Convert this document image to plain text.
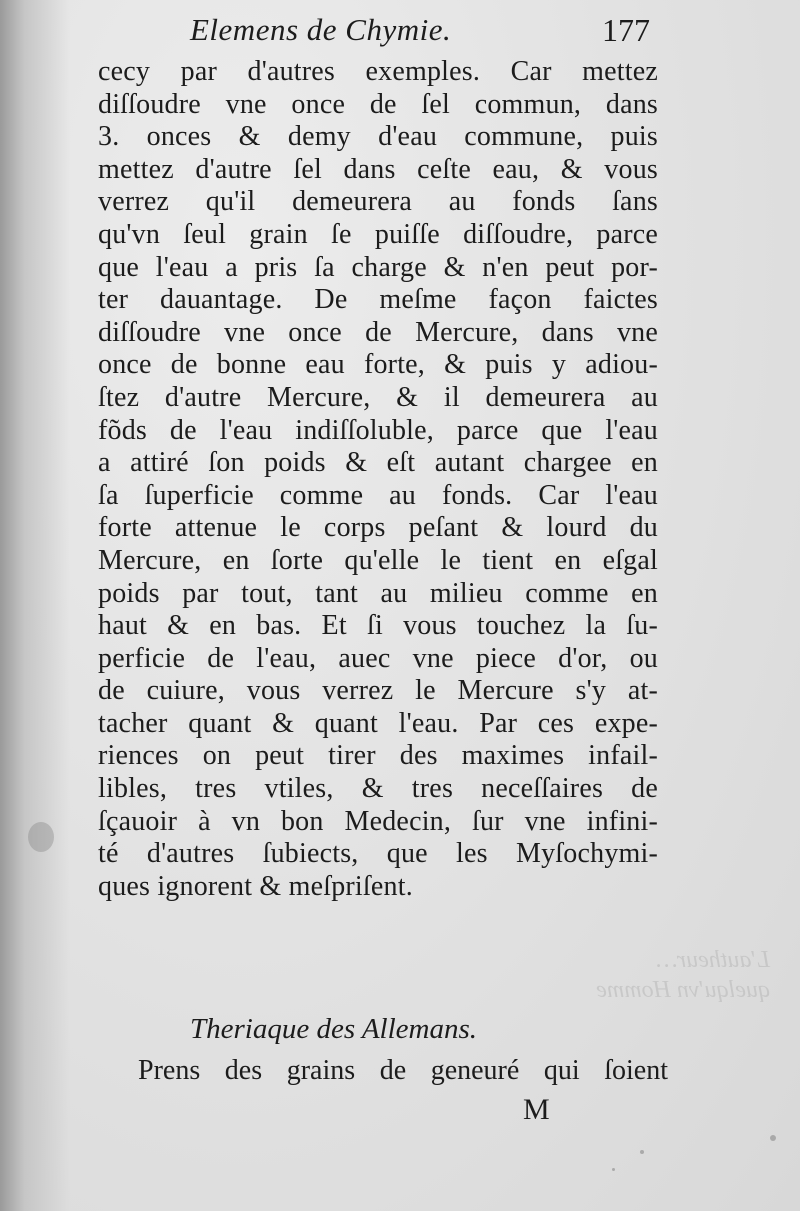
L'autheur…
quelqu'vn Homme
Elemens de Chymie.	177
cecy par d'autres exemples. Car mettez
diſſoudre vne once de ſel commun, dans
3. onces & demy d'eau commune, puis
mettez d'autre ſel dans ceſte eau, & vous
verrez qu'il demeurera au fonds ſans
qu'vn ſeul grain ſe puiſſe diſſoudre, parce
que l'eau a pris ſa charge & n'en peut por-
ter dauantage. De meſme façon faictes
diſſoudre vne once de Mercure, dans vne
once de bonne eau forte, & puis y adiou-
ſtez d'autre Mercure, & il demeurera au
fõds de l'eau indiſſoluble, parce que l'eau
a attiré ſon poids & eſt autant chargee en
ſa ſuperficie comme au fonds. Car l'eau
forte attenue le corps peſant & lourd du
Mercure, en ſorte qu'elle le tient en eſgal
poids par tout, tant au milieu comme en
haut & en bas. Et ſi vous touchez la ſu-
perficie de l'eau, auec vne piece d'or, ou
de cuiure, vous verrez le Mercure s'y at-
tacher quant & quant l'eau. Par ces expe-
riences on peut tirer des maximes infail-
libles, tres vtiles, & tres neceſſaires de
ſçauoir à vn bon Medecin, ſur vne infini-
té d'autres ſubiects, que les Myſochymi-
ques ignorent & meſpriſent.
Theriaque des Allemans.
Prens des grains de geneuré qui ſoient
M
